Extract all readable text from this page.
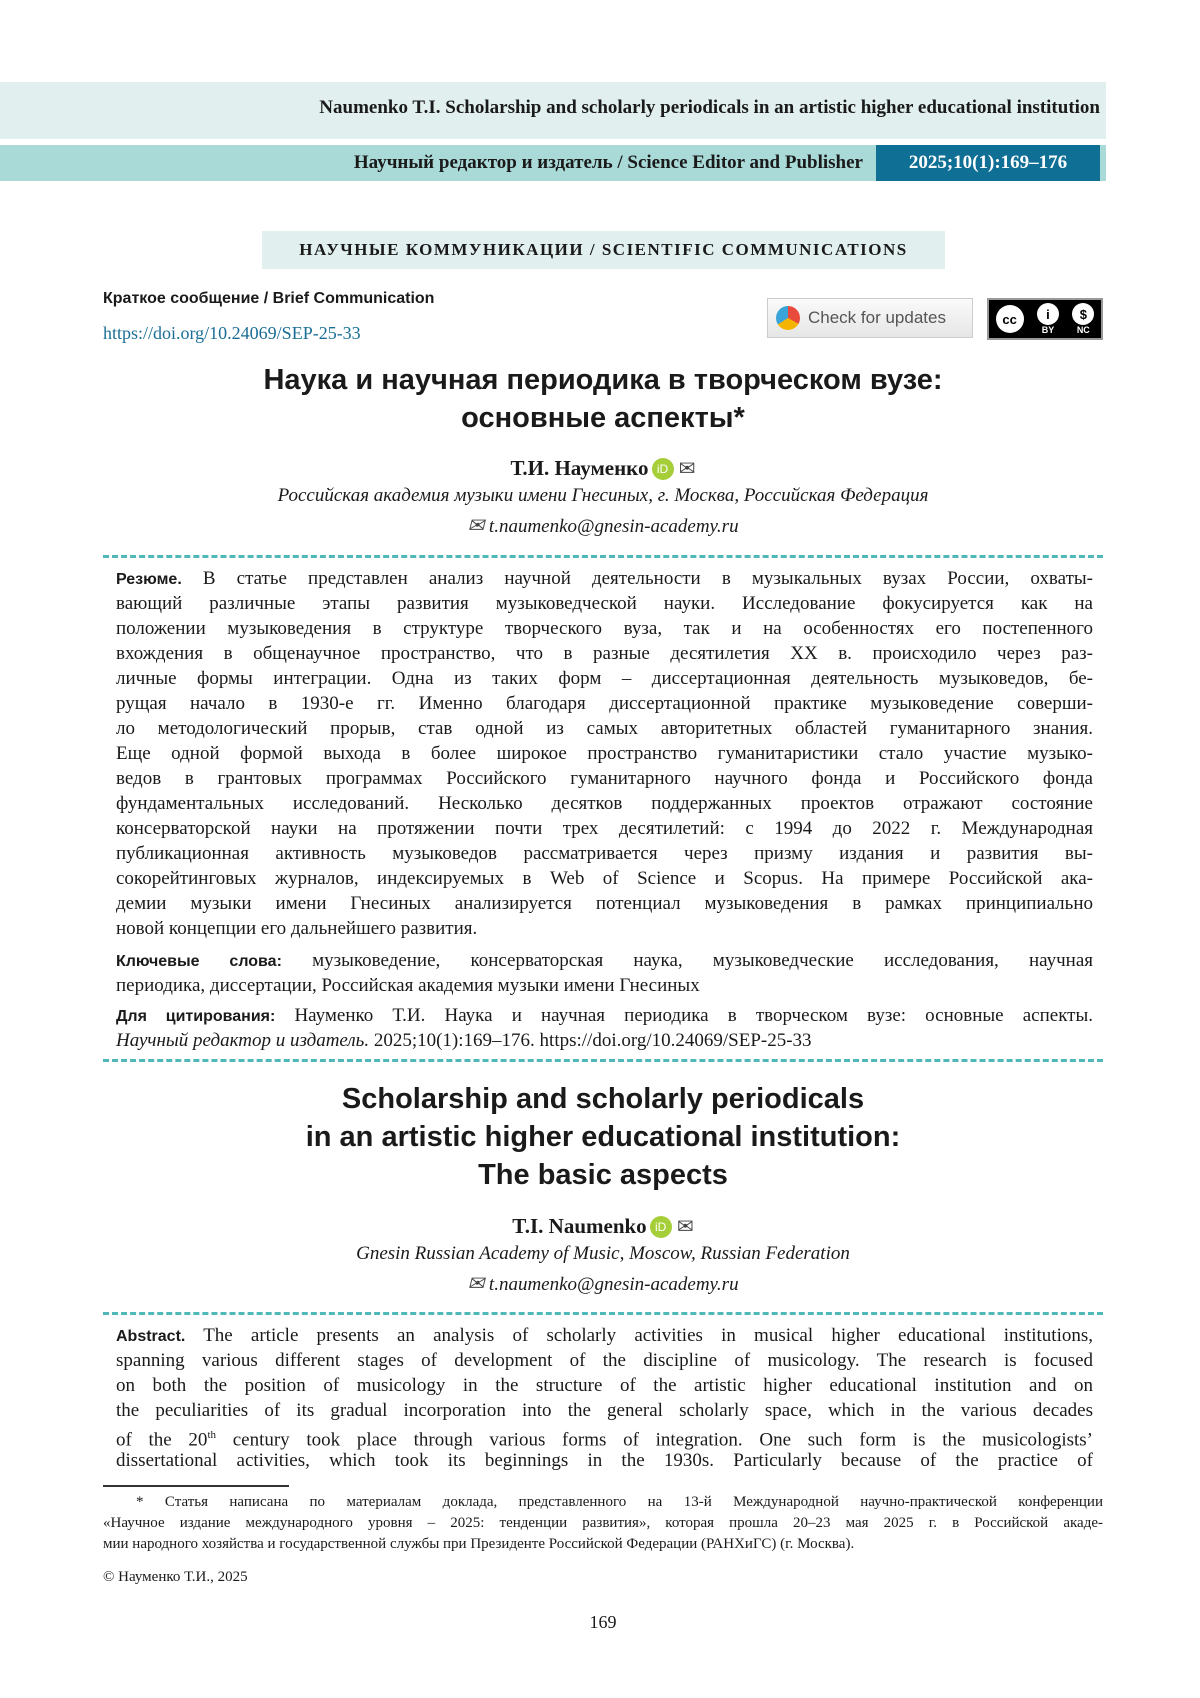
Naumenko T.I. Scholarship and scholarly periodicals in an artistic higher educational institution
Научный редактор и издатель / Science Editor and Publisher	2025;10(1):169–176
НАУЧНЫЕ КОММУНИКАЦИИ / SCIENTIFIC COMMUNICATIONS
Краткое сообщение / Brief Communication
https://doi.org/10.24069/SEP-25-33
Check for updates	cc	i
BY
$
NC
Наука и научная периодика в творческом вузе:
основные аспекты*
Т.И. Науменко iD ✉
Российская академия музыки имени Гнесиных, г. Москва, Российская Федерация
✉ t.naumenko@gnesin-academy.ru
Резюме. В статье представлен анализ научной деятельности в музыкальных вузах России, охваты-
вающий различные этапы развития музыковедческой науки. Исследование фокусируется как на
положении музыковедения в структуре творческого вуза, так и на особенностях его постепенного
вхождения в общенаучное пространство, что в разные десятилетия XX в. происходило через раз-
личные формы интеграции. Одна из таких форм – диссертационная деятельность музыковедов, бе-
рущая начало в 1930-е гг. Именно благодаря диссертационной практике музыковедение соверши-
ло методологический прорыв, став одной из самых авторитетных областей гуманитарного знания.
Еще одной формой выхода в более широкое пространство гуманитаристики стало участие музыко-
ведов в грантовых программах Российского гуманитарного научного фонда и Российского фонда
фундаментальных исследований. Несколько десятков поддержанных проектов отражают состояние
консерваторской науки на протяжении почти трех десятилетий: с 1994 до 2022 г. Международная
публикационная активность музыковедов рассматривается через призму издания и развития вы-
сокорейтинговых журналов, индексируемых в Web of Science и Scopus. На примере Российской ака-
демии музыки имени Гнесиных анализируется потенциал музыковедения в рамках принципиально
новой концепции его дальнейшего развития.
Ключевые слова: музыковедение, консерваторская наука, музыковедческие исследования, научная
периодика, диссертации, Российская академия музыки имени Гнесиных
Для цитирования: Науменко Т.И. Наука и научная периодика в творческом вузе: основные аспекты.
Научный редактор и издатель. 2025;10(1):169–176. https://doi.org/10.24069/SEP-25-33
Scholarship and scholarly periodicals
in an artistic higher educational institution:
The basic aspects
T.I. Naumenko iD ✉
Gnesin Russian Academy of Music, Moscow, Russian Federation
✉ t.naumenko@gnesin-academy.ru
Abstract. The article presents an analysis of scholarly activities in musical higher educational institutions,
spanning various different stages of development of the discipline of musicology. The research is focused
on both the position of musicology in the structure of the artistic higher educational institution and on
the peculiarities of its gradual incorporation into the general scholarly space, which in the various decades
of the 20th century took place through various forms of integration. One such form is the musicologists’
dissertational activities, which took its beginnings in the 1930s. Particularly because of the practice of
* Статья написана по материалам доклада, представленного на 13-й Международной научно-практической конференции
«Научное издание международного уровня – 2025: тенденции развития», которая прошла 20–23 мая 2025 г. в Российской акаде-
мии народного хозяйства и государственной службы при Президенте Российской Федерации (РАНХиГС) (г. Москва).
© Науменко Т.И., 2025
169
